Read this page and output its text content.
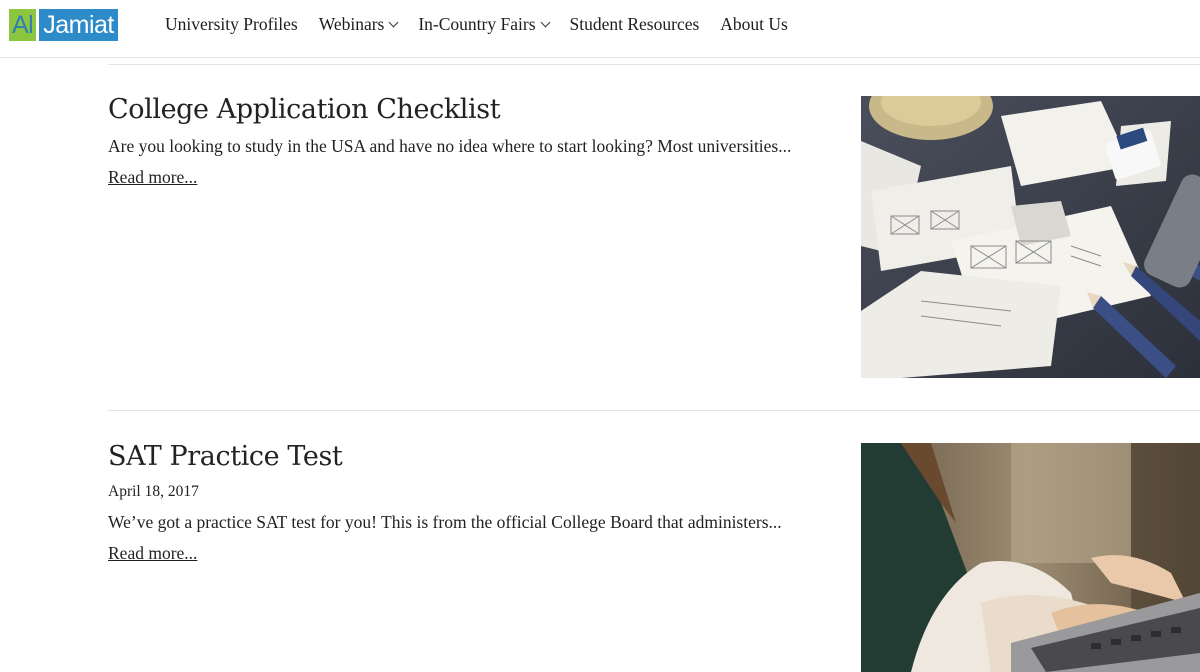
Al Jamiat	University Profiles Webinars In-Country Fairs Student Resources About Us
College Application Checklist

Are you looking to study in the USA and have no idea where to start looking? Most universities...

Read more...
SAT Practice Test

April 18, 2017

We’ve got a practice SAT test for you! This is from the official College Board that administers...

Read more...
